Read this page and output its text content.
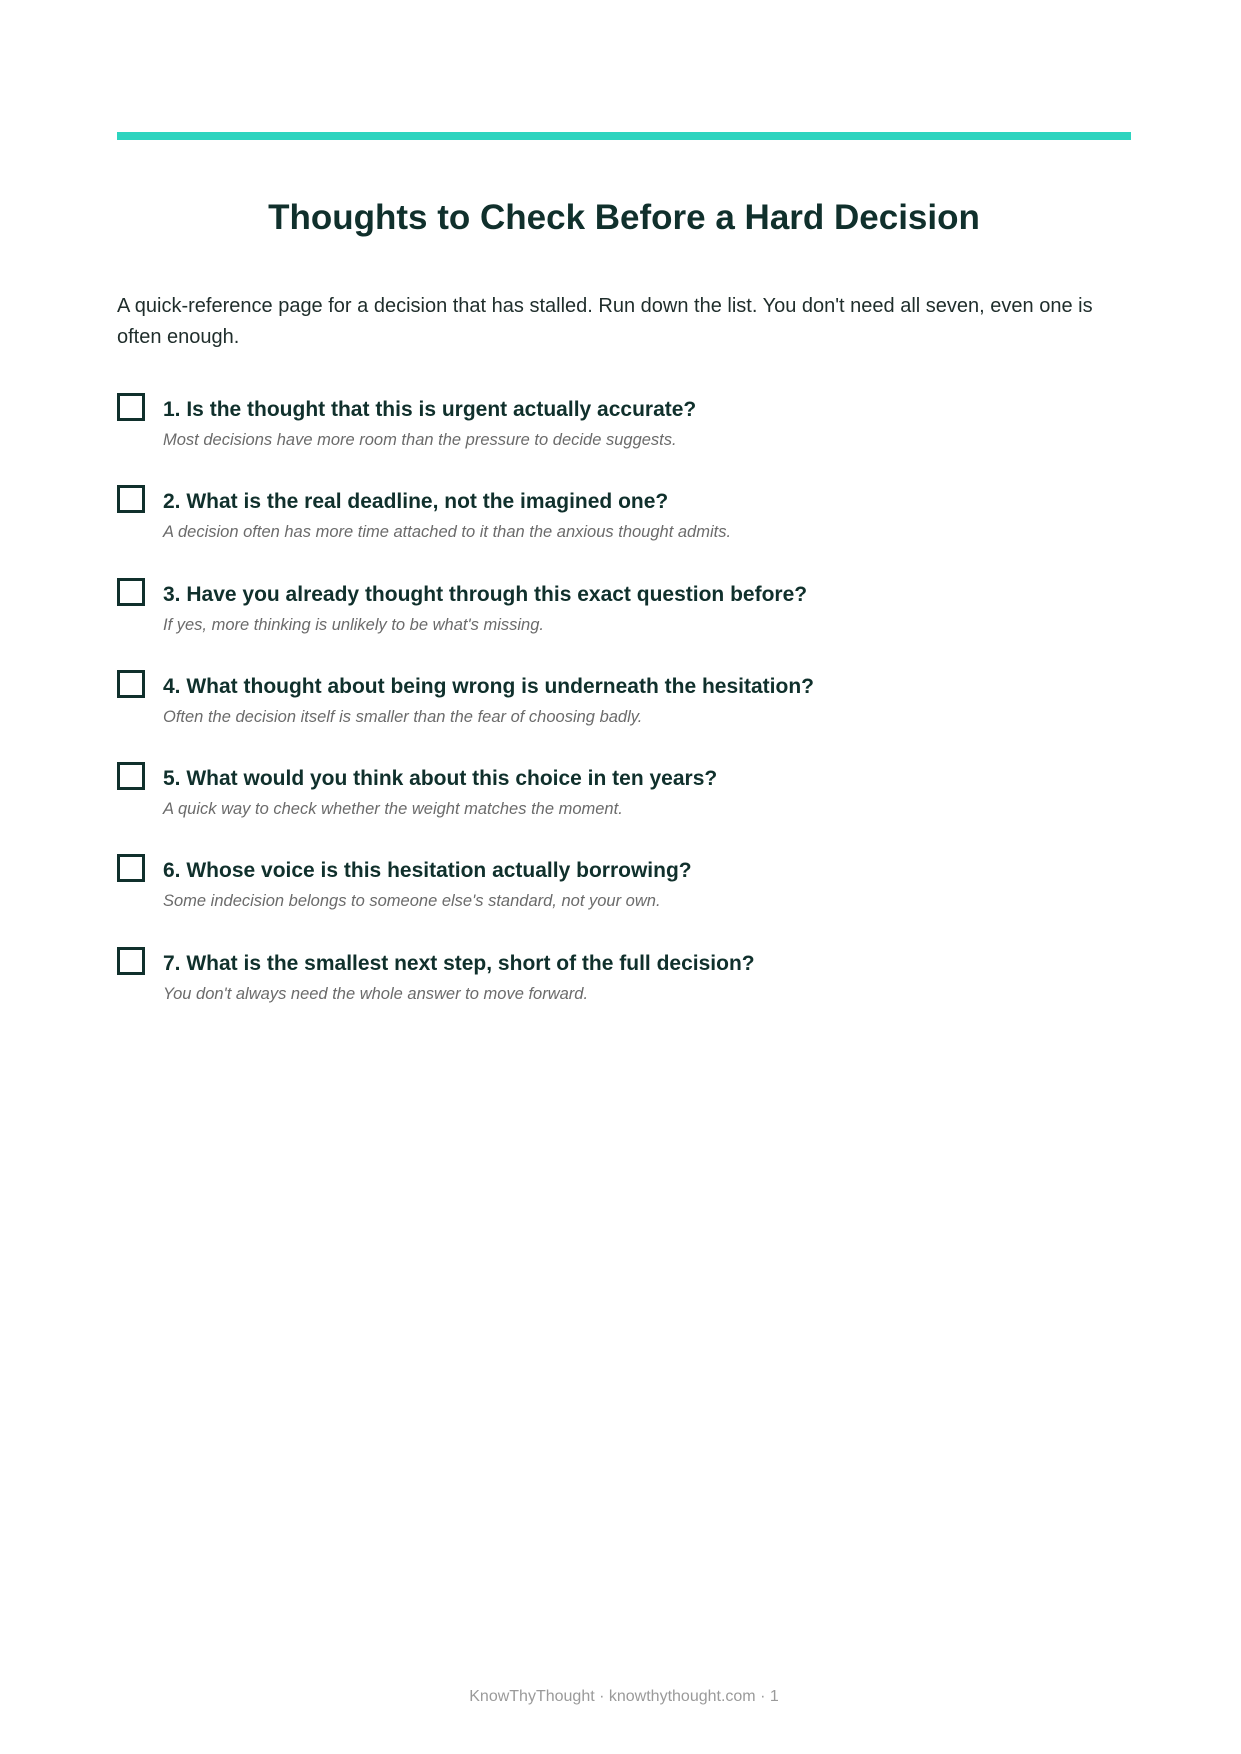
Thoughts to Check Before a Hard Decision

A quick-reference page for a decision that has stalled. Run down the list. You don't need all seven, even one is often enough.

1. Is the thought that this is urgent actually accurate?
Most decisions have more room than the pressure to decide suggests.
2. What is the real deadline, not the imagined one?
A decision often has more time attached to it than the anxious thought admits.
3. Have you already thought through this exact question before?
If yes, more thinking is unlikely to be what's missing.
4. What thought about being wrong is underneath the hesitation?
Often the decision itself is smaller than the fear of choosing badly.
5. What would you think about this choice in ten years?
A quick way to check whether the weight matches the moment.
6. Whose voice is this hesitation actually borrowing?
Some indecision belongs to someone else's standard, not your own.
7. What is the smallest next step, short of the full decision?
You don't always need the whole answer to move forward.
KnowThyThought · knowthythought.com · 1
